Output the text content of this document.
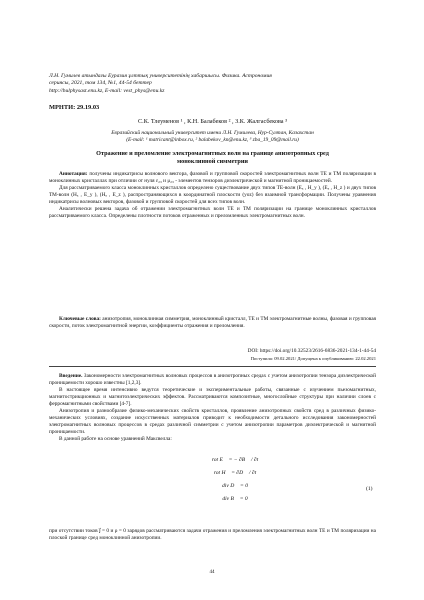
Л.Н. Гумилев атындағы Еуразия ұлттық университетінің хабаршысы. Физика. Астрономия
сериясы, 2021, том 134, №1, 44-54 беттер
http://bulphysast.enu.kz, E-mail: vest_phys@enu.kz
МРНТИ: 29.19.03
С.К. Тлеуменов ¹ , К.Н. Балабеков ² , З.К. Жалгасбекова ³
Евразийский национальный университет имени Л.Н. Гумилева, Нур-Султан, Казахстан
(E-mail: ¹ matricant@inbox.ru, ² balabekov_kn@enu.kz, ³ zba_19_09@mail.ru)
Отражение и преломление электромагнитных волн на границе анизотропных сред
моноклинной симметрии

Аннотация: получены индикатрисы волнового вектора, фазовой и групповой скоростей электромагнитных волн ТЕ и ТМ поляризации в моноклинных кристаллах при отличии от нуля ε₂₃ и μ₂₃ - элементов тензоров диэлектрической и магнитной проницаемостей.

Для рассматриваемого класса моноклинных кристаллов определено существование двух типов ТЕ-волн (Eₓ , H_y ), (Eₓ , H_z ) и двух типов ТМ-волн (Hₓ , E_y ), (Hₓ , E_z ), распространяющихся в координатной плоскости (yoz) без взаимной трансформации. Получены уравнения индикатрисы волновых векторов, фазовой и групповой скоростей для всех типов волн.

Аналитически решена задача об отражении электромагнитных волн ТЕ и ТМ поляризации на границе моноклинных кристаллов рассматриваемого класса. Определены плотности потоков отраженных и преломленных электромагнитных волн.

Ключевые слова: анизотропия, моноклинная симметрия, моноклинный кристалл, ТЕ и ТМ электромагнитные волны, фазовая и групповая скорости, поток электромагнитной энергии, коэффициенты отражения и преломления.

DOI: https://doi.org/10.32523/2616-6836-2021-134-1-44-54
Поступила: 09.02.2021/ Допущена к опубликованию: 22.02.2021

Введение. Закономерности электромагнитных волновых процессов в анизотропных средах с учетом анизотропии тензора диэлектрической проницаемости хорошо известны [1,2,3].

В настоящее время интенсивно ведутся теоретические и экспериментальные работы, связанные с изучением пьезомагнитных, магнитострикционных и магнитоэлектрических эффектов. Рассматриваются композитные, многослойные структуры при наличии слоев с ферромагнитными свойствами [4-7].

Анизотропия и разнообразие физико-механических свойств кристаллов, проявление анизотропных свойств сред в различных физико-механических условиях, создание искусственных материалов приводит к необходимости детального исследования закономерностей электромагнитных волновых процессов в средах различной симметрии с учетом анизотропии параметров диэлектрической и магнитной проницаемости.

В данной работе на основе уравнений Максвелла:

rot E⃗ = − ∂B⃗ / ∂t
rot H⃗ = ∂D⃗ / ∂t
div D⃗ = 0
div B⃗ = 0
(1)

при отсутствии токов j⃗ = 0 и ρ = 0 зарядов рассматриваются задачи отражения и преломления электромагнитных волн ТЕ и ТМ поляризации на плоской границе сред моноклинной анизотропии.

44
